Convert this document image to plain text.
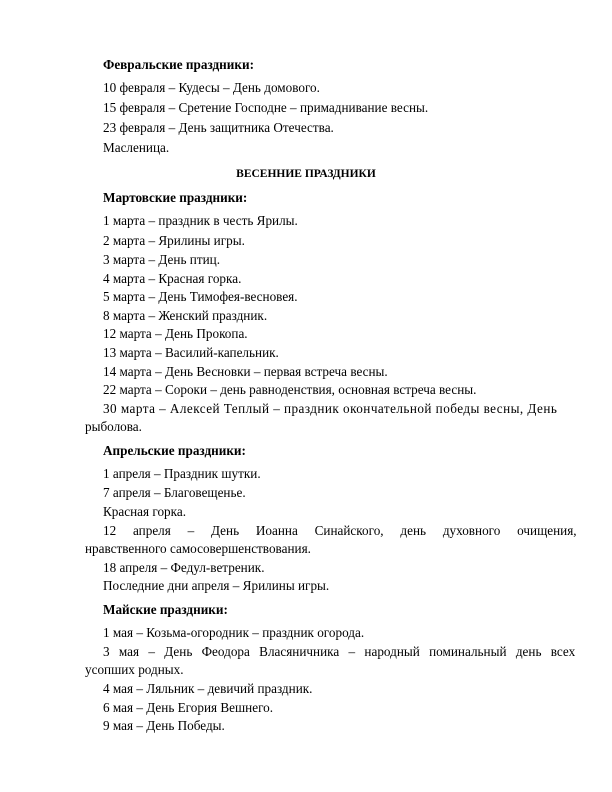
Февральские праздники:
10 февраля – Кудесы – День домового.
15 февраля – Сретение Господне – примаднивание весны.
23 февраля – День защитника Отечества.
Масленица.
ВЕСЕННИЕ ПРАЗДНИКИ
Мартовские праздники:
1 марта – праздник в честь Ярилы.
2 марта – Ярилины игры.
3 марта – День птиц.
4 марта – Красная горка.
5 марта – День Тимофея-весновея.
8 марта – Женский праздник.
12 марта – День Прокопа.
13 марта – Василий-капельник.
14 марта – День Весновки – первая встреча весны.
22 марта – Сороки – день равноденствия, основная встреча весны.
30 марта – Алексей Теплый – праздник окончательной победы весны, День
рыболова.
Апрельские праздники:
1 апреля – Праздник шутки.
7 апреля – Благовещенье.
Красная горка.
12 апреля – День Иоанна Синайского, день духовного очищения,
нравственного самосовершенствования.
18 апреля – Федул-ветреник.
Последние дни апреля – Ярилины игры.
Майские праздники:
1 мая – Козьма-огородник – праздник огорода.
3 мая – День Феодора Власяничника – народный поминальный день всех
усопших родных.
4 мая – Ляльник – девичий праздник.
6 мая – День Егория Вешнего.
9 мая – День Победы.
